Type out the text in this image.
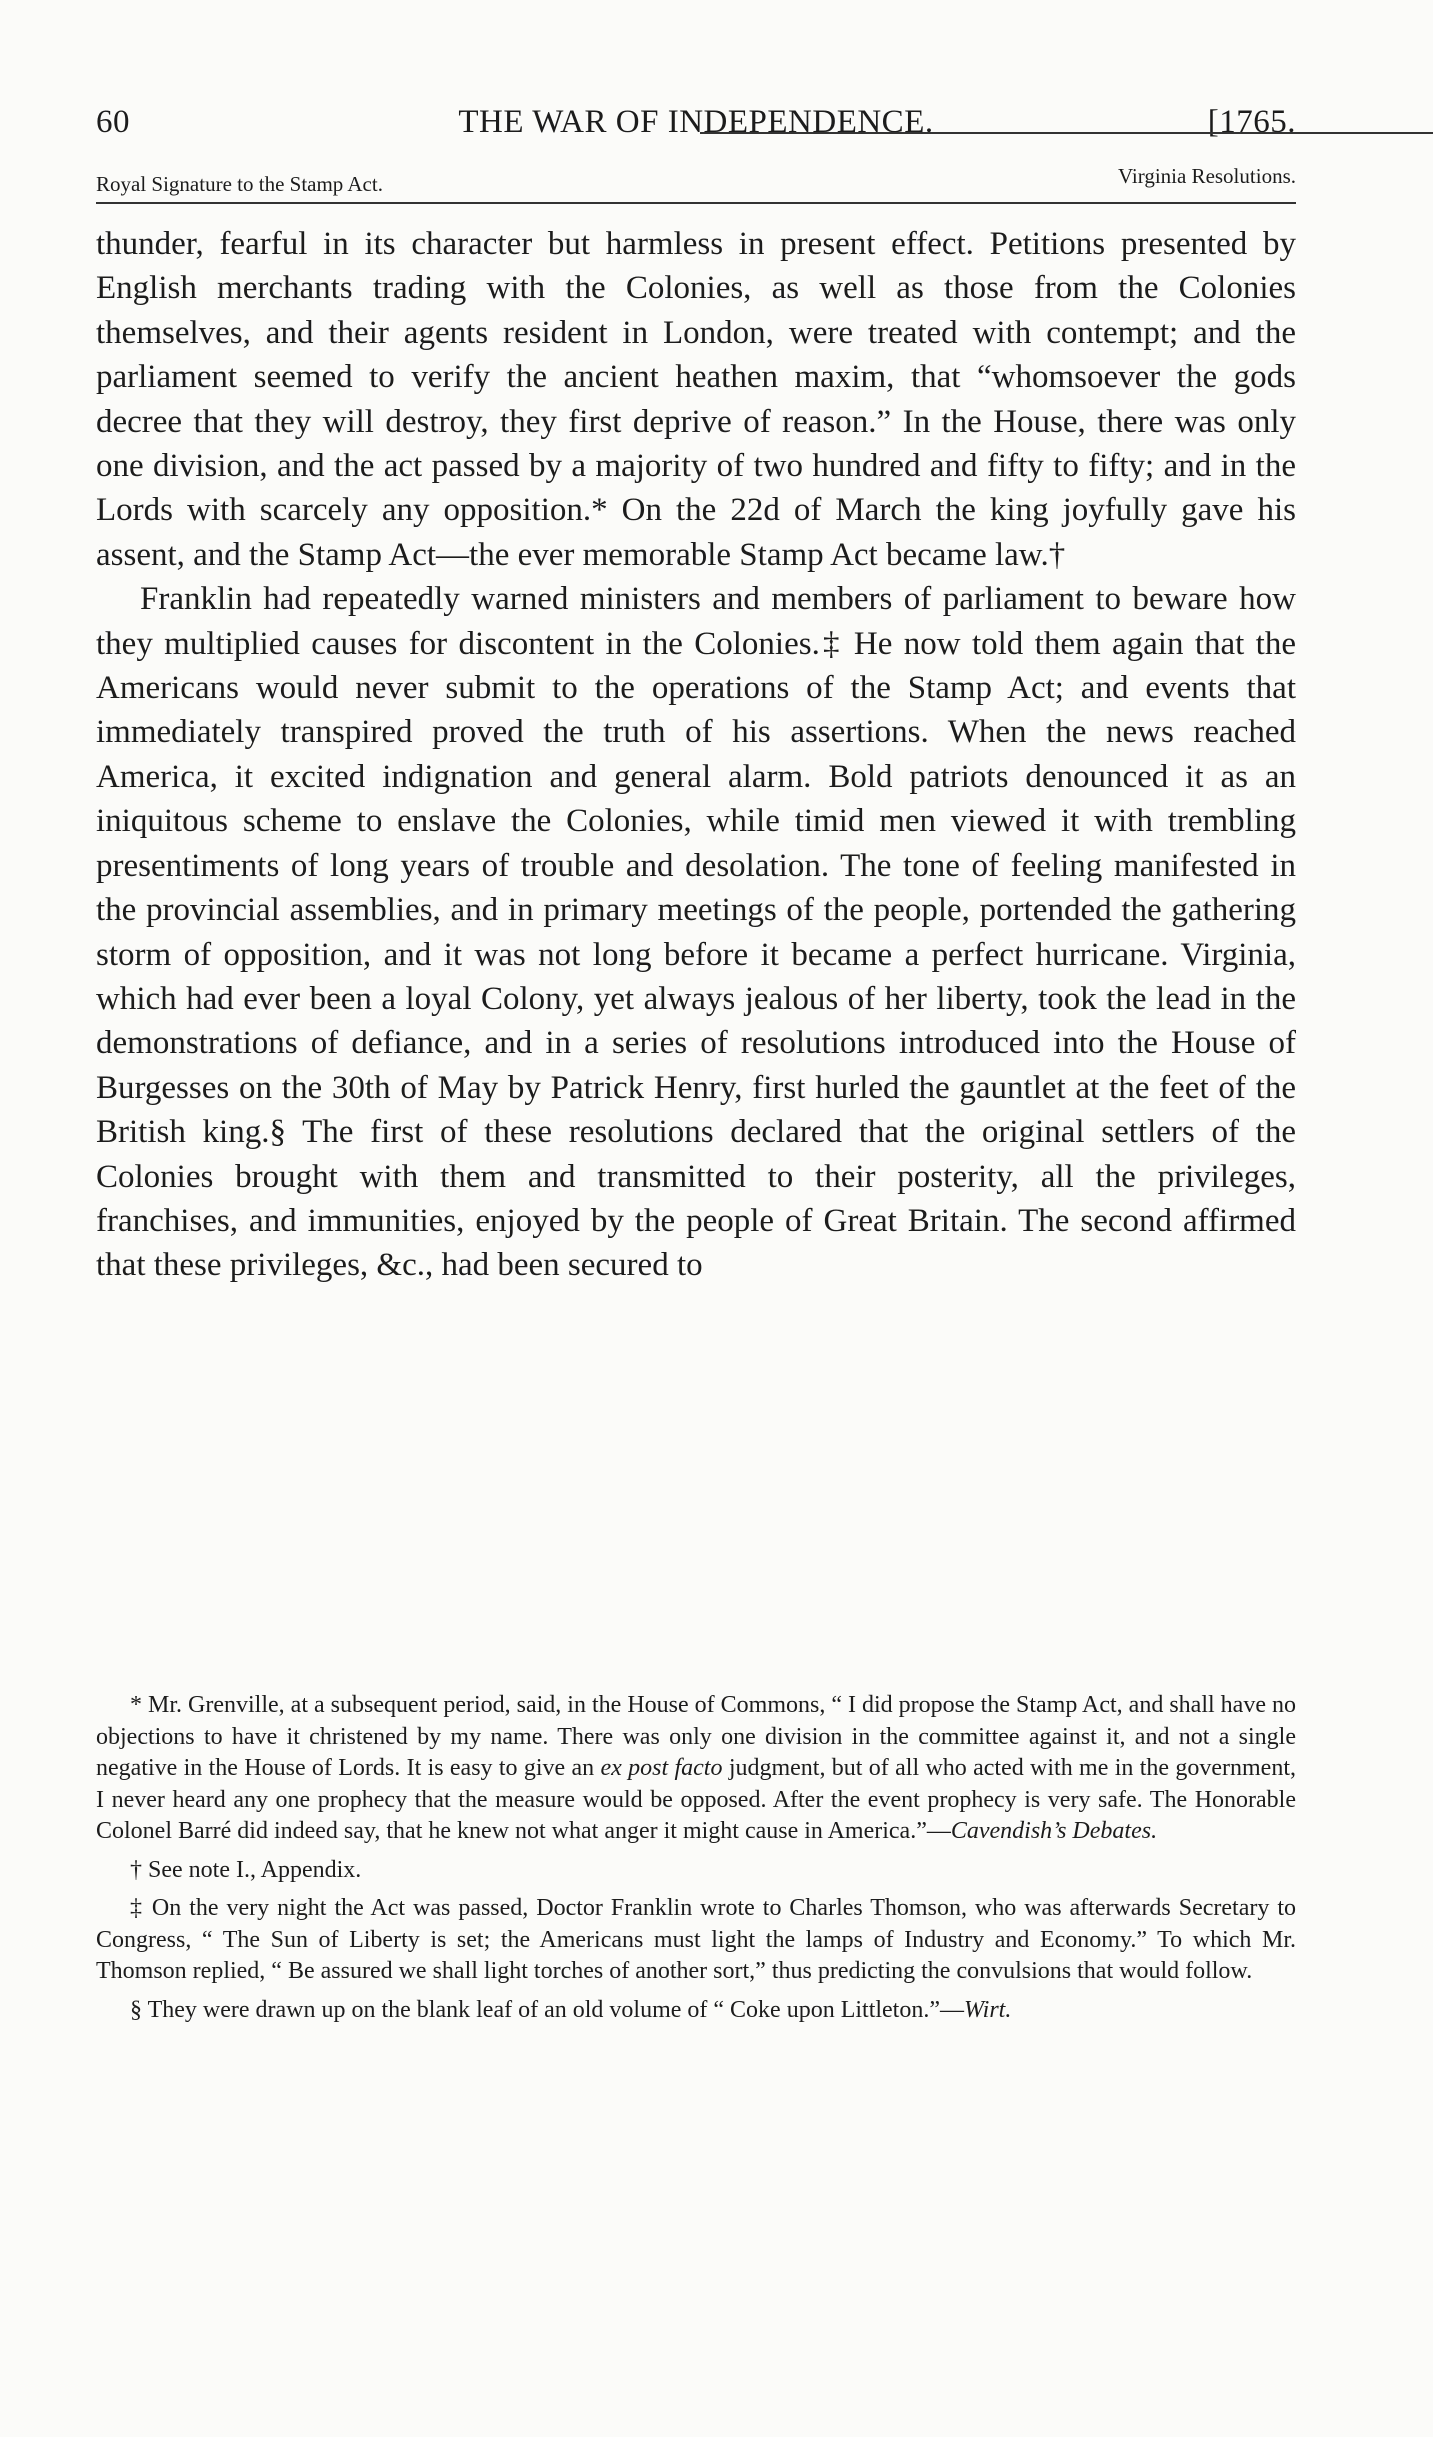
60	THE WAR OF INDEPENDENCE.	[1765.
Royal Signature to the Stamp Act.	Virginia Resolutions.

thunder, fearful in its character but harmless in present effect. Petitions presented by English merchants trading with the Colonies, as well as those from the Colonies themselves, and their agents resident in London, were treated with contempt; and the parliament seemed to verify the ancient heathen maxim, that “whomsoever the gods decree that they will destroy, they first deprive of reason.” In the House, there was only one division, and the act passed by a majority of two hundred and fifty to fifty; and in the Lords with scarcely any opposition.* On the 22d of March the king joyfully gave his assent, and the Stamp Act—the ever memorable Stamp Act became law.†

Franklin had repeatedly warned ministers and members of parliament to beware how they multiplied causes for discontent in the Colonies.‡ He now told them again that the Americans would never submit to the operations of the Stamp Act; and events that immediately transpired proved the truth of his assertions. When the news reached America, it excited indignation and general alarm. Bold patriots denounced it as an iniquitous scheme to enslave the Colonies, while timid men viewed it with trembling presentiments of long years of trouble and desolation. The tone of feeling manifested in the provincial assemblies, and in primary meetings of the people, portended the gathering storm of opposition, and it was not long before it became a perfect hurricane. Virginia, which had ever been a loyal Colony, yet always jealous of her liberty, took the lead in the demonstrations of defiance, and in a series of resolutions introduced into the House of Burgesses on the 30th of May by Patrick Henry, first hurled the gauntlet at the feet of the British king.§ The first of these resolutions declared that the original settlers of the Colonies brought with them and transmitted to their posterity, all the privileges, franchises, and immunities, enjoyed by the people of Great Britain. The second affirmed that these privileges, &c., had been secured to

* Mr. Grenville, at a subsequent period, said, in the House of Commons, “ I did propose the Stamp Act, and shall have no objections to have it christened by my name. There was only one division in the committee against it, and not a single negative in the House of Lords. It is easy to give an ex post facto judgment, but of all who acted with me in the government, I never heard any one prophecy that the measure would be opposed. After the event prophecy is very safe. The Honorable Colonel Barré did indeed say, that he knew not what anger it might cause in America.”—Cavendish’s Debates.

† See note I., Appendix.

‡ On the very night the Act was passed, Doctor Franklin wrote to Charles Thomson, who was afterwards Secretary to Congress, “ The Sun of Liberty is set; the Americans must light the lamps of Industry and Economy.” To which Mr. Thomson replied, “ Be assured we shall light torches of another sort,” thus predicting the convulsions that would follow.

§ They were drawn up on the blank leaf of an old volume of “ Coke upon Littleton.”—Wirt.
